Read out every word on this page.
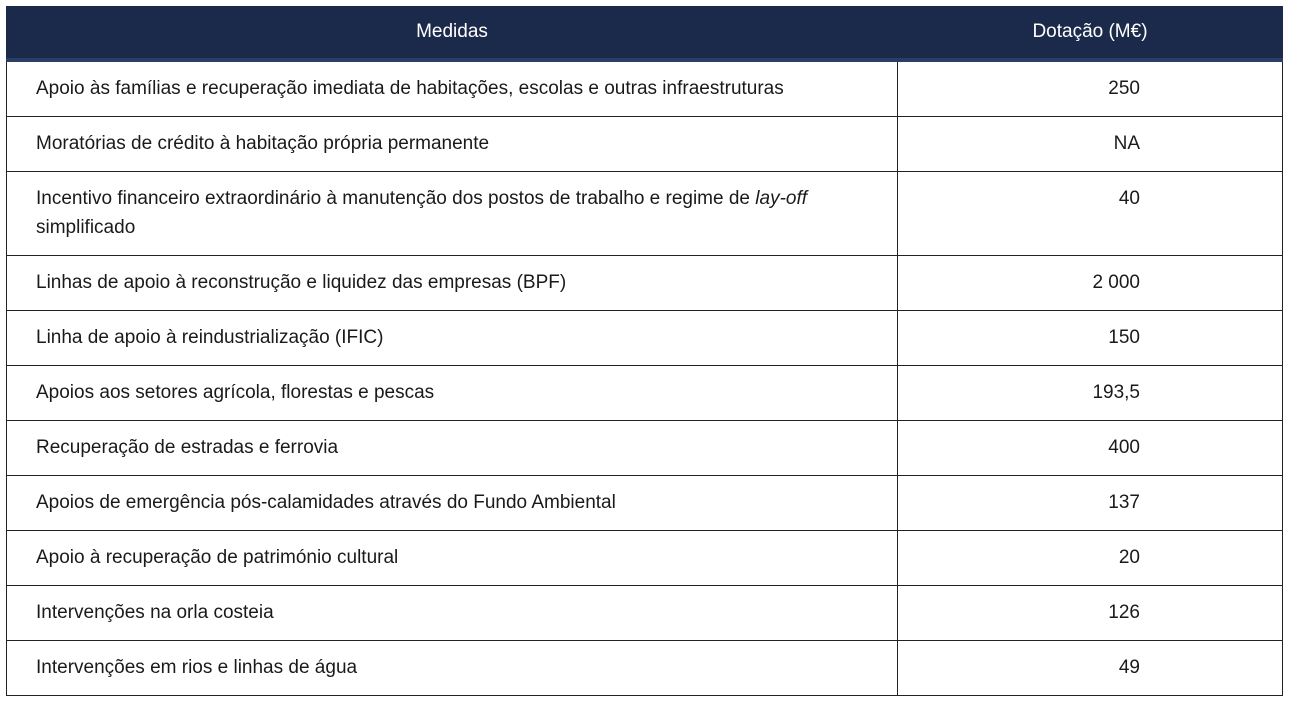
Medidas	Dotação (M€)
Apoio às famílias e recuperação imediata de habitações, escolas e outras infraestruturas	250
Moratórias de crédito à habitação própria permanente	NA
Incentivo financeiro extraordinário à manutenção dos postos de trabalho e regime de lay-off
simplificado	40
Linhas de apoio à reconstrução e liquidez das empresas (BPF)	2 000
Linha de apoio à reindustrialização (IFIC)	150
Apoios aos setores agrícola, florestas e pescas	193,5
Recuperação de estradas e ferrovia	400
Apoios de emergência pós-calamidades através do Fundo Ambiental	137
Apoio à recuperação de património cultural	20
Intervenções na orla costeia	126
Intervenções em rios e linhas de água	49
